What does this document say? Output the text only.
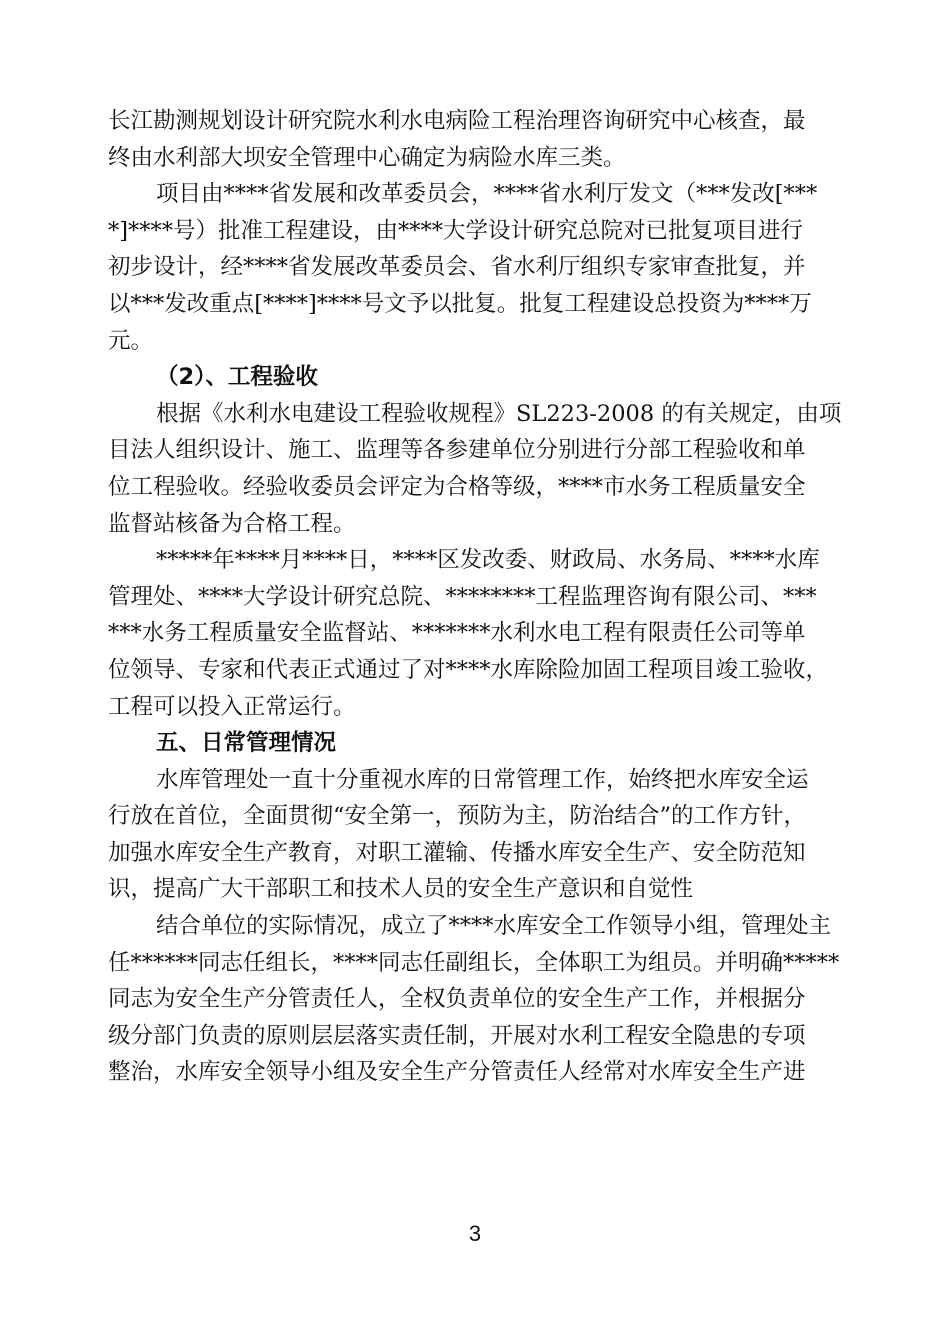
长江勘测规划设计研究院水利水电病险工程治理咨询研究中心核查，最
终由水利部大坝安全管理中心确定为病险水库三类。
项目由****省发展和改革委员会，****省水利厅发文（***发改[***
*]****号）批准工程建设，由****大学设计研究总院对已批复项目进行
初步设计，经****省发展改革委员会、省水利厅组织专家审查批复，并
以***发改重点[****]****号文予以批复。批复工程建设总投资为****万
元。
（2）、工程验收
根据《水利水电建设工程验收规程》SL223-2008 的有关规定，由项
目法人组织设计、施工、监理等各参建单位分别进行分部工程验收和单
位工程验收。经验收委员会评定为合格等级，****市水务工程质量安全
监督站核备为合格工程。
*****年****月****日，****区发改委、财政局、水务局、****水库
管理处、****大学设计研究总院、********工程监理咨询有限公司、***
***水务工程质量安全监督站、*******水利水电工程有限责任公司等单
位领导、专家和代表正式通过了对****水库除险加固工程项目竣工验收，
工程可以投入正常运行。
五、日常管理情况
水库管理处一直十分重视水库的日常管理工作，始终把水库安全运
行放在首位，全面贯彻“安全第一，预防为主，防治结合”的工作方针，
加强水库安全生产教育，对职工灌输、传播水库安全生产、安全防范知
识，提高广大干部职工和技术人员的安全生产意识和自觉性
结合单位的实际情况，成立了****水库安全工作领导小组，管理处主
任******同志任组长，****同志任副组长，全体职工为组员。并明确*****
同志为安全生产分管责任人，全权负责单位的安全生产工作，并根据分
级分部门负责的原则层层落实责任制，开展对水利工程安全隐患的专项
整治，水库安全领导小组及安全生产分管责任人经常对水库安全生产进
3
